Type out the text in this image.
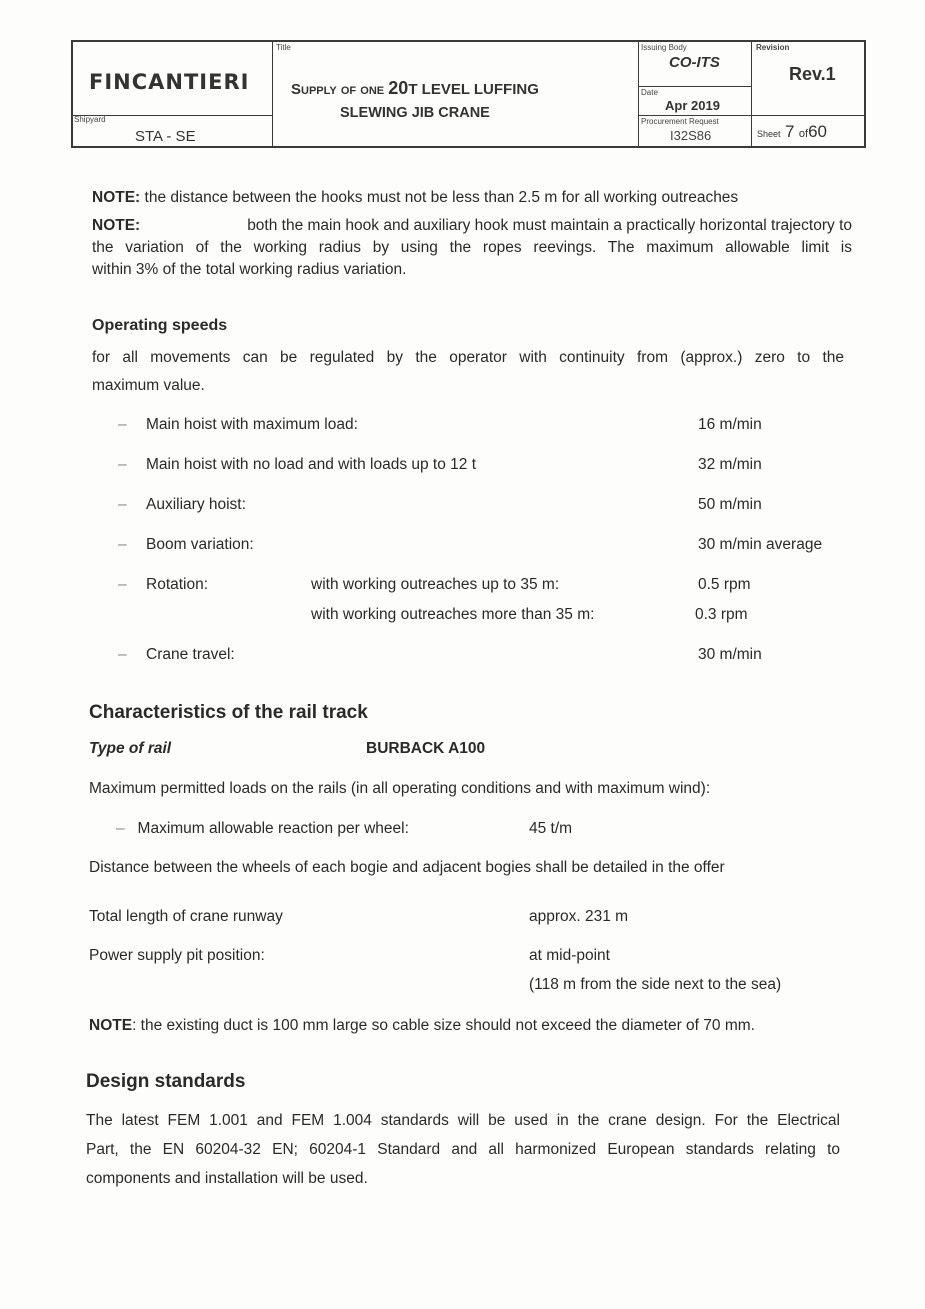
FINCANTIERI
Shipyard
STA - SE
Title
Supply of one 20T LEVEL LUFFING
SLEWING JIB CRANE
Issuing Body
CO-ITS
Date
Apr 2019
Procurement Request
I32S86
Revision
Rev.1
Sheet 7 of60
NOTE: the distance between the hooks must not be less than 2.5 m for all working outreaches
NOTE:	both the main hook and auxiliary hook must maintain a practically horizontal trajectory to
the variation of the working radius by using the ropes reevings. The maximum allowable limit is
within 3% of the total working radius variation.
Operating speeds
for all movements can be regulated by the operator with continuity from (approx.) zero to the
maximum value.
– Main hoist with maximum load:	16 m/min
– Main hoist with no load and with loads up to 12 t	32 m/min
– Auxiliary hoist:	50 m/min
– Boom variation:	30 m/min average
– Rotation:	with working outreaches up to 35 m:	0.5 rpm
with working outreaches more than 35 m:	0.3 rpm
– Crane travel:	30 m/min
Characteristics of the rail track
Type of rail	BURBACK A100
Maximum permitted loads on the rails (in all operating conditions and with maximum wind):
– Maximum allowable reaction per wheel:	45 t/m
Distance between the wheels of each bogie and adjacent bogies shall be detailed in the offer
Total length of crane runway	approx. 231 m
Power supply pit position:	at mid-point
(118 m from the side next to the sea)
NOTE: the existing duct is 100 mm large so cable size should not exceed the diameter of 70 mm.
Design standards
The latest FEM 1.001 and FEM 1.004 standards will be used in the crane design. For the Electrical
Part, the EN 60204-32 EN; 60204-1 Standard and all harmonized European standards relating to
components and installation will be used.
